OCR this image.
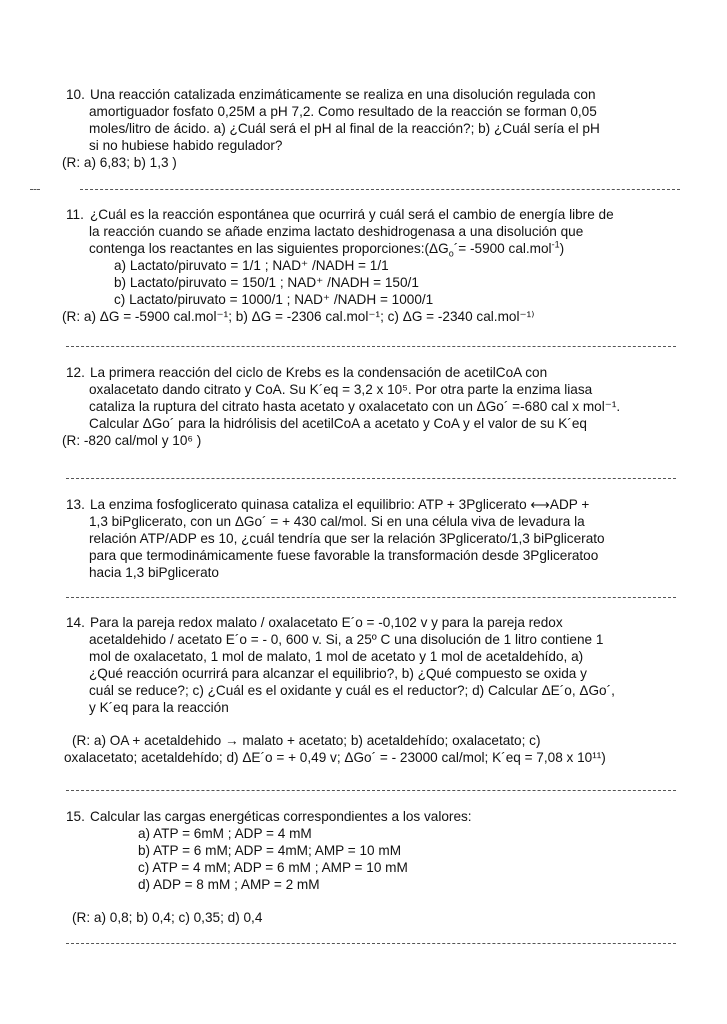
10. Una reacción catalizada enzimáticamente se realiza en una disolución regulada con
amortiguador fosfato 0,25M a pH 7,2. Como resultado de la reacción se forman 0,05
moles/litro de ácido. a) ¿Cuál será el pH al final de la reacción?; b) ¿Cuál sería el pH
si no hubiese habido regulador?
(R: a) 6,83; b) 1,3 )
11. ¿Cuál es la reacción espontánea que ocurrirá y cuál será el cambio de energía libre de
la reacción cuando se añade enzima lactato deshidrogenasa a una disolución que
contenga los reactantes en las siguientes $proporciones:(\Delta G_o´= -5900$ cal.mol$^{-1}$)
a) Lactato/piruvato = 1/1 ; NAD⁺ /NADH = 1/1
b) Lactato/piruvato = 150/1 ; NAD⁺ /NADH = 150/1
c) Lactato/piruvato = 1000/1 ; NAD⁺ /NADH = 1000/1
(R: a) ΔG = -5900 cal.mol⁻¹; b) ΔG = -2306 cal.mol⁻¹; c) ΔG = -2340 cal.mol⁻¹⁾
12. La primera reacción del ciclo de Krebs es la condensación de acetilCoA con
oxalacetato dando citrato y CoA. Su K´eq = 3,2 x 10⁵. Por otra parte la enzima liasa
cataliza la ruptura del citrato hasta acetato y oxalacetato con un ΔGo´ =-680 cal x mol⁻¹.
Calcular ΔGo´ para la hidrólisis del acetilCoA a acetato y CoA y el valor de su K´eq
(R: -820 cal/mol y 10⁶ )
13. La enzima fosfoglicerato quinasa cataliza el equilibrio: ATP + 3Pglicerato ⟷ADP +
1,3 biPglicerato, con un ΔGo´ = + 430 cal/mol. Si en una célula viva de levadura la
relación ATP/ADP es 10, ¿cuál tendría que ser la relación 3Pglicerato/1,3 biPglicerato
para que termodinámicamente fuese favorable la transformación desde 3Pgliceratoo
hacia 1,3 biPglicerato
14. Para la pareja redox malato / oxalacetato E´o = -0,102 v y para la pareja redox
acetaldehido / acetato E´o = - 0, 600 v. Si, a 25º C una disolución de 1 litro contiene 1
mol de oxalacetato, 1 mol de malato, 1 mol de acetato y 1 mol de acetaldehído, a)
¿Qué reacción ocurrirá para alcanzar el equilibrio?, b) ¿Qué compuesto se oxida y
cuál se reduce?; c) ¿Cuál es el oxidante y cuál es el reductor?; d) Calcular ΔE´o, ΔGo´,
y K´eq para la reacción
(R: a) OA + acetaldehido → malato + acetato; b) acetaldehído; oxalacetato; c)
oxalacetato; acetaldehído; d) ΔE´o = + 0,49 v; ΔGo´ = - 23000 cal/mol; K´eq = 7,08 x 10¹¹)
15. Calcular las cargas energéticas correspondientes a los valores:
a) ATP = 6mM ; ADP = 4 mM
b) ATP = 6 mM; ADP = 4mM; AMP = 10 mM
c) ATP = 4 mM; ADP = 6 mM ; AMP = 10 mM
d) ADP = 8 mM ; AMP = 2 mM
(R: a) 0,8; b) 0,4; c) 0,35; d) 0,4
